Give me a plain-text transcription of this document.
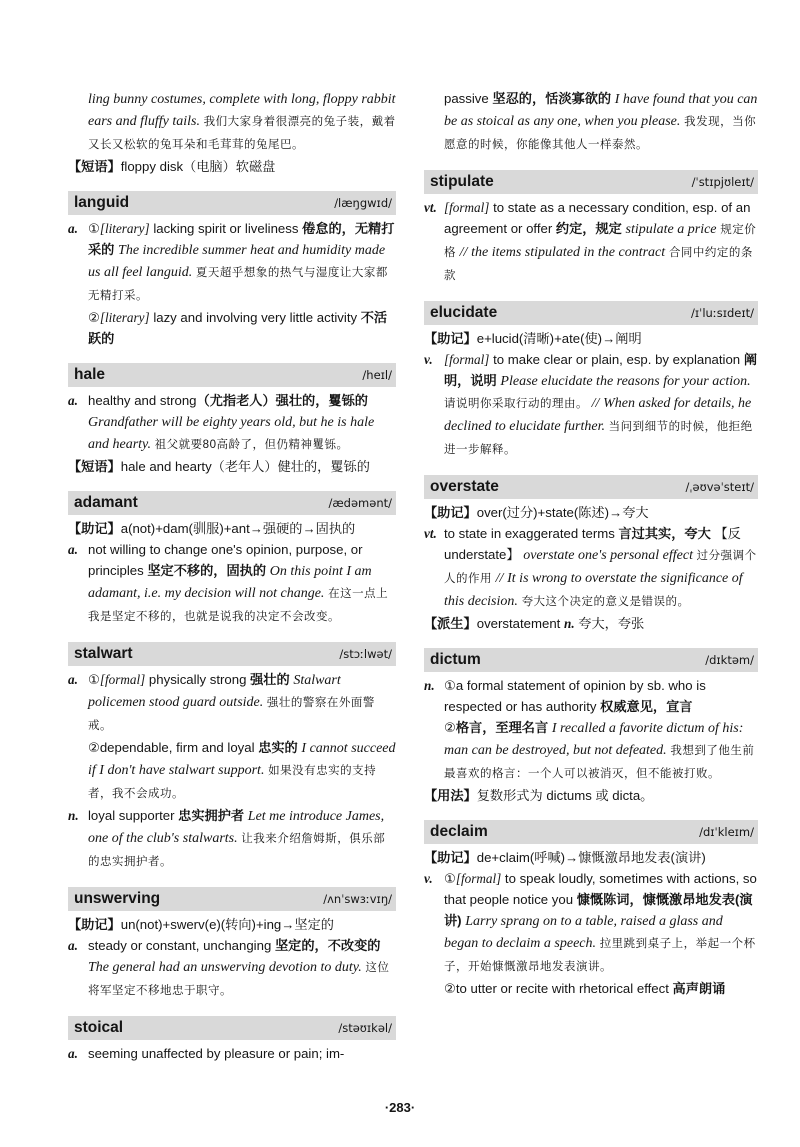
ling bunny costumes, complete with long, floppy rabbit ears and fluffy tails. 我们大家身着很漂亮的兔子装，戴着又长又松软的兔耳朵和毛茸茸的兔尾巴。
【短语】floppy disk（电脑）软磁盘
languid	/læŋgwɪd/
a. ①[literary] lacking spirit or liveliness 倦怠的，无精打采的 The incredible summer heat and humidity made us all feel languid. 夏天超乎想象的热气与湿度让大家都无精打采。
②[literary] lazy and involving very little activity 不活跃的
hale	/heɪl/
a. healthy and strong（尤指老人）强壮的，矍铄的 Grandfather will be eighty years old, but he is hale and hearty. 祖父就要80高龄了，但仍精神矍铄。
【短语】hale and hearty（老年人）健壮的，矍铄的
adamant	/ædəmənt/
【助记】a(not)+dam(驯服)+ant→强硬的→固执的
a. not willing to change one's opinion, purpose, or principles 坚定不移的，固执的 On this point I am adamant, i.e. my decision will not change. 在这一点上我是坚定不移的，也就是说我的决定不会改变。
stalwart	/stɔːlwət/
a. ①[formal] physically strong 强壮的 Stalwart policemen stood guard outside. 强壮的警察在外面警戒。
②dependable, firm and loyal 忠实的 I cannot succeed if I don't have stalwart support. 如果没有忠实的支持者，我不会成功。
n. loyal supporter 忠实拥护者 Let me introduce James, one of the club's stalwarts. 让我来介绍詹姆斯，俱乐部的忠实拥护者。
unswerving	/ʌnˈswɜːvɪŋ/
【助记】un(not)+swerv(e)(转向)+ing→坚定的
a. steady or constant, unchanging 坚定的，不改变的 The general had an unswerving devotion to duty. 这位将军坚定不移地忠于职守。
stoical	/stəʊɪkəl/
a. seeming unaffected by pleasure or pain; im-
passive 坚忍的，恬淡寡欲的 I have found that you can be as stoical as any one, when you please. 我发现，当你愿意的时候，你能像其他人一样泰然。
stipulate	/ˈstɪpjʊleɪt/
vt. [formal] to state as a necessary condition, esp. of an agreement or offer 约定，规定 stipulate a price 规定价格 // the items stipulated in the contract 合同中约定的条款
elucidate	/ɪˈluːsɪdeɪt/
【助记】e+lucid(清晰)+ate(使)→阐明
v. [formal] to make clear or plain, esp. by explanation 阐明，说明 Please elucidate the reasons for your action. 请说明你采取行动的理由。 // When asked for details, he declined to elucidate further. 当问到细节的时候，他拒绝进一步解释。
overstate	/ˌəʊvəˈsteɪt/
【助记】over(过分)+state(陈述)→夸大
vt. to state in exaggerated terms 言过其实，夸大 【反 understate】 overstate one's personal effect 过分强调个人的作用 // It is wrong to overstate the significance of this decision. 夸大这个决定的意义是错误的。
【派生】overstatement n. 夸大，夸张
dictum	/dɪktəm/
n. ①a formal statement of opinion by sb. who is respected or has authority 权威意见，宣言
②格言，至理名言 I recalled a favorite dictum of his: man can be destroyed, but not defeated. 我想到了他生前最喜欢的格言：一个人可以被消灭，但不能被打败。
【用法】复数形式为 dictums 或 dicta。
declaim	/dɪˈkleɪm/
【助记】de+claim(呼喊)→慷慨激昂地发表(演讲)
v. ①[formal] to speak loudly, sometimes with actions, so that people notice you 慷慨陈词，慷慨激昂地发表(演讲) Larry sprang on to a table, raised a glass and began to declaim a speech. 拉里跳到桌子上，举起一个杯子，开始慷慨激昂地发表演讲。
②to utter or recite with rhetorical effect 高声朗诵
·283·
